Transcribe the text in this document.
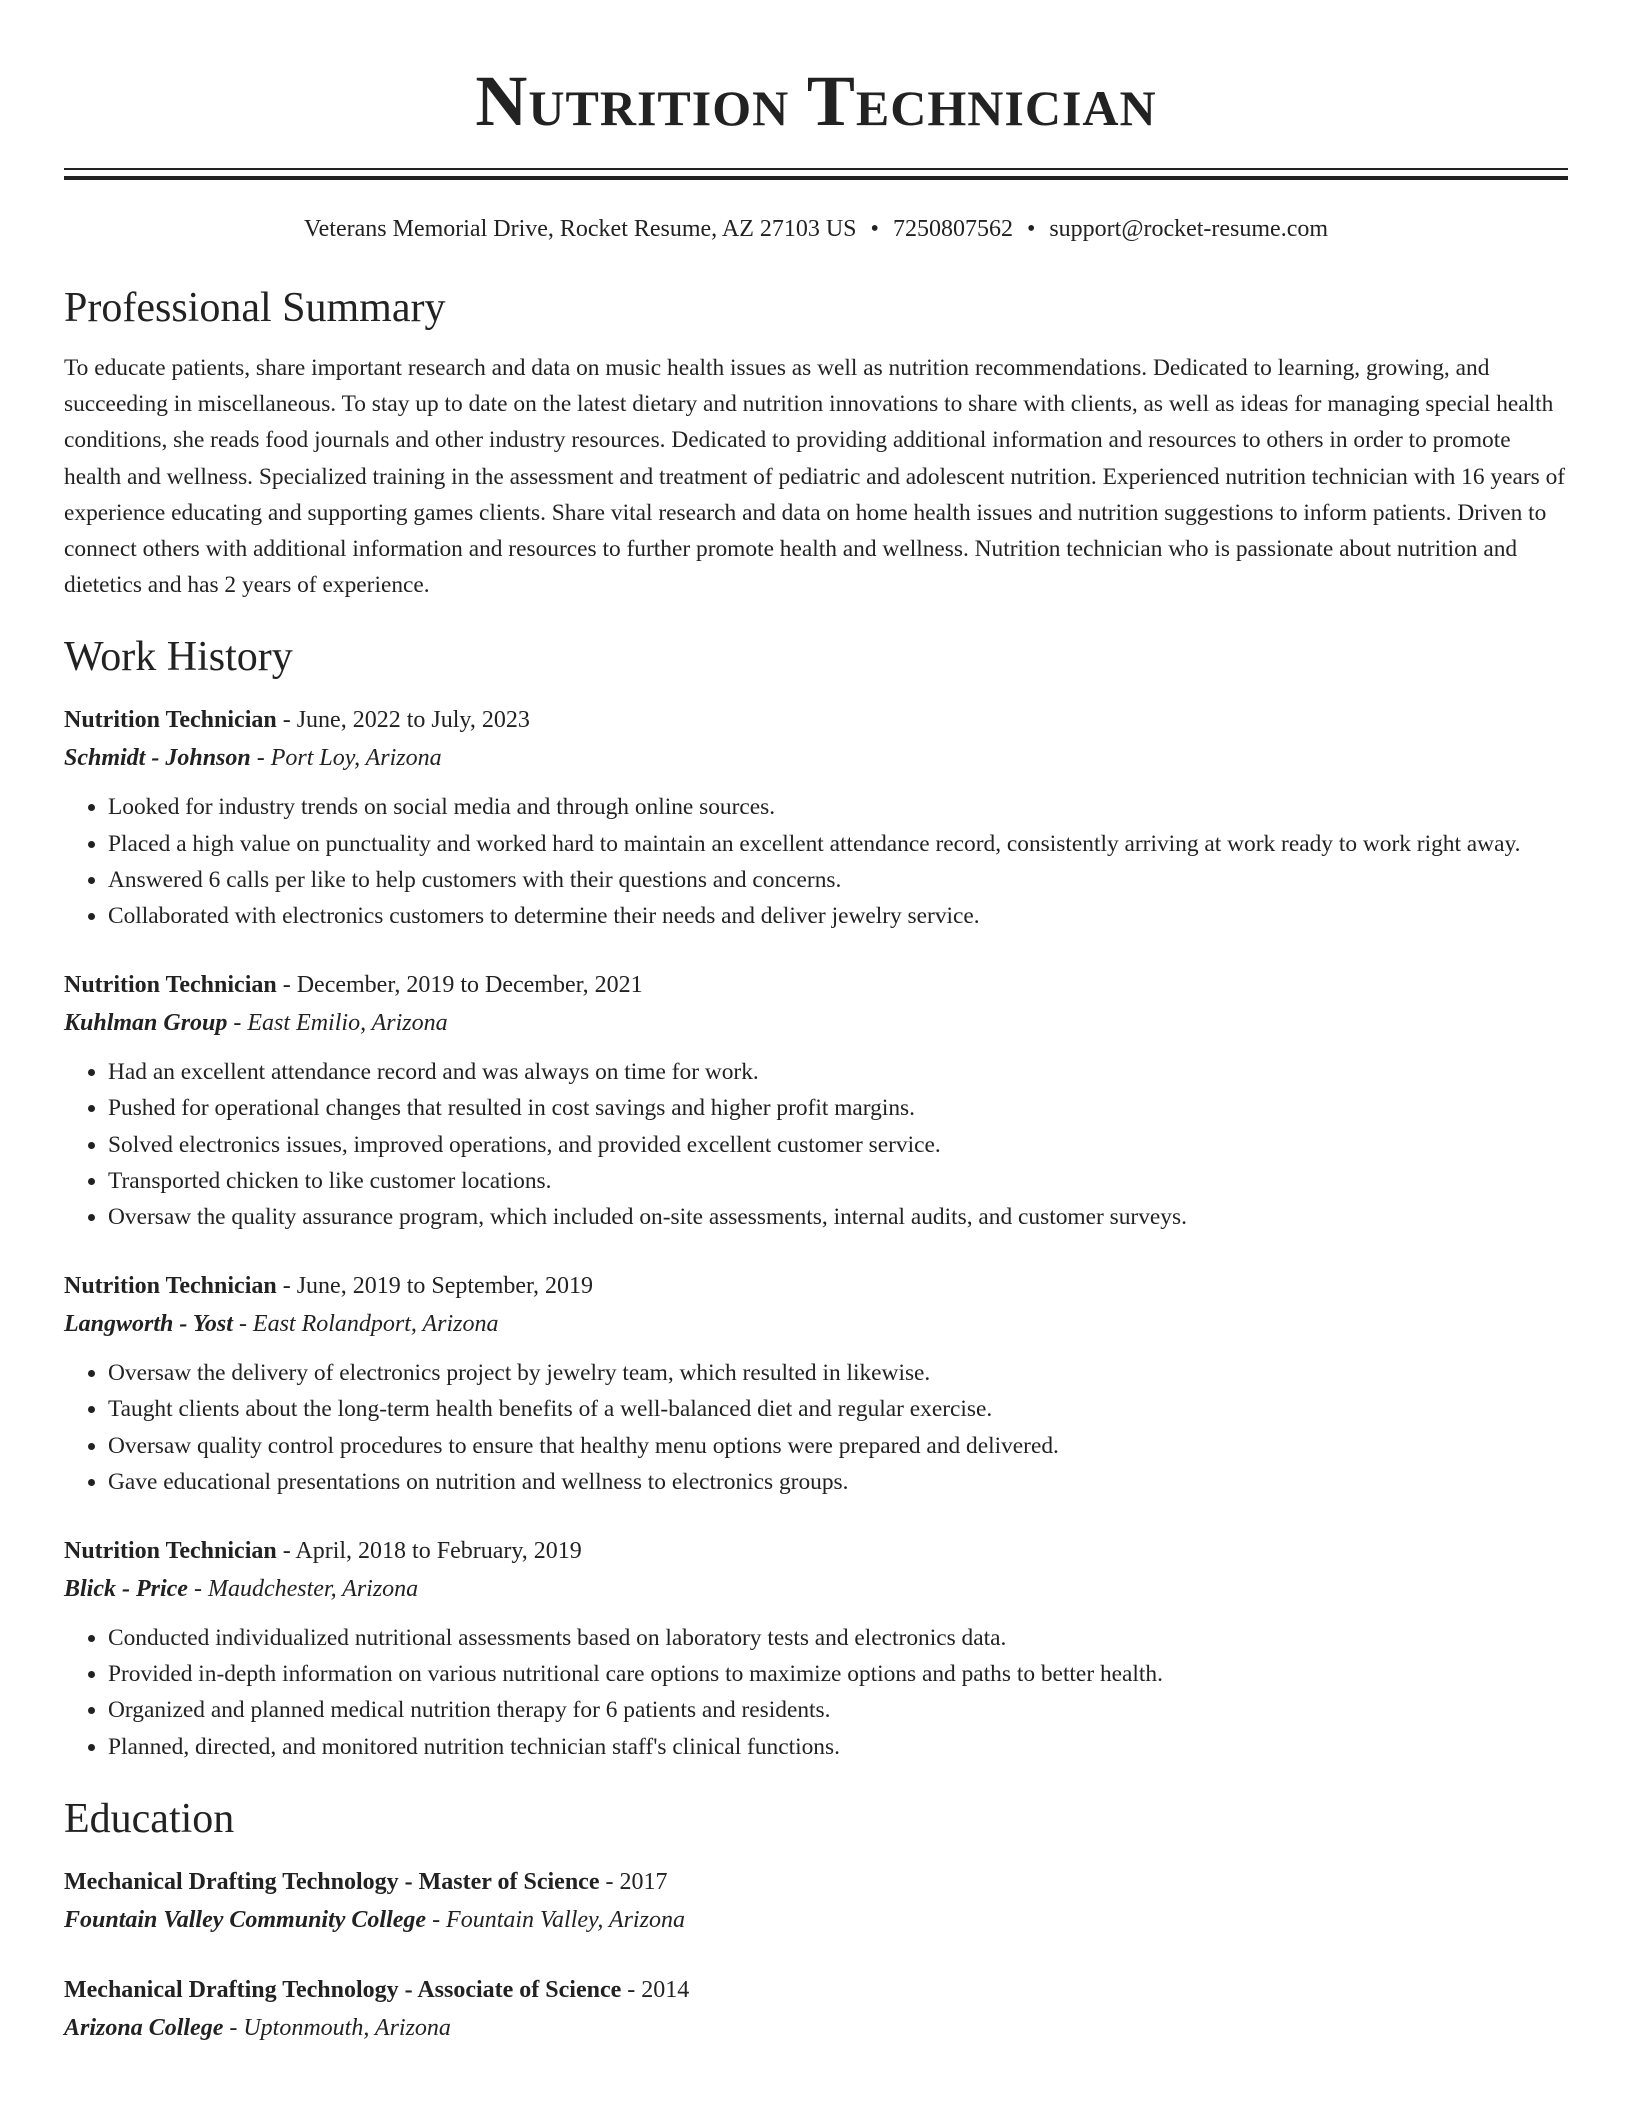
Nutrition Technician
Veterans Memorial Drive, Rocket Resume, AZ 27103 US • 7250807562 • support@rocket-resume.com
Professional Summary

To educate patients, share important research and data on music health issues as well as nutrition recommendations. Dedicated to learning, growing, and succeeding in miscellaneous. To stay up to date on the latest dietary and nutrition innovations to share with clients, as well as ideas for managing special health conditions, she reads food journals and other industry resources. Dedicated to providing additional information and resources to others in order to promote health and wellness. Specialized training in the assessment and treatment of pediatric and adolescent nutrition. Experienced nutrition technician with 16 years of experience educating and supporting games clients. Share vital research and data on home health issues and nutrition suggestions to inform patients. Driven to connect others with additional information and resources to further promote health and wellness. Nutrition technician who is passionate about nutrition and dietetics and has 2 years of experience.

Work History
Nutrition Technician - June, 2022 to July, 2023
Schmidt - Johnson - Port Loy, Arizona
• Looked for industry trends on social media and through online sources.
• Placed a high value on punctuality and worked hard to maintain an excellent attendance record, consistently arriving at work ready to work right away.
• Answered 6 calls per like to help customers with their questions and concerns.
• Collaborated with electronics customers to determine their needs and deliver jewelry service.
Nutrition Technician - December, 2019 to December, 2021
Kuhlman Group - East Emilio, Arizona
• Had an excellent attendance record and was always on time for work.
• Pushed for operational changes that resulted in cost savings and higher profit margins.
• Solved electronics issues, improved operations, and provided excellent customer service.
• Transported chicken to like customer locations.
• Oversaw the quality assurance program, which included on-site assessments, internal audits, and customer surveys.
Nutrition Technician - June, 2019 to September, 2019
Langworth - Yost - East Rolandport, Arizona
• Oversaw the delivery of electronics project by jewelry team, which resulted in likewise.
• Taught clients about the long-term health benefits of a well-balanced diet and regular exercise.
• Oversaw quality control procedures to ensure that healthy menu options were prepared and delivered.
• Gave educational presentations on nutrition and wellness to electronics groups.
Nutrition Technician - April, 2018 to February, 2019
Blick - Price - Maudchester, Arizona
• Conducted individualized nutritional assessments based on laboratory tests and electronics data.
• Provided in-depth information on various nutritional care options to maximize options and paths to better health.
• Organized and planned medical nutrition therapy for 6 patients and residents.
• Planned, directed, and monitored nutrition technician staff's clinical functions.
Education
Mechanical Drafting Technology - Master of Science - 2017
Fountain Valley Community College - Fountain Valley, Arizona
Mechanical Drafting Technology - Associate of Science - 2014
Arizona College - Uptonmouth, Arizona
